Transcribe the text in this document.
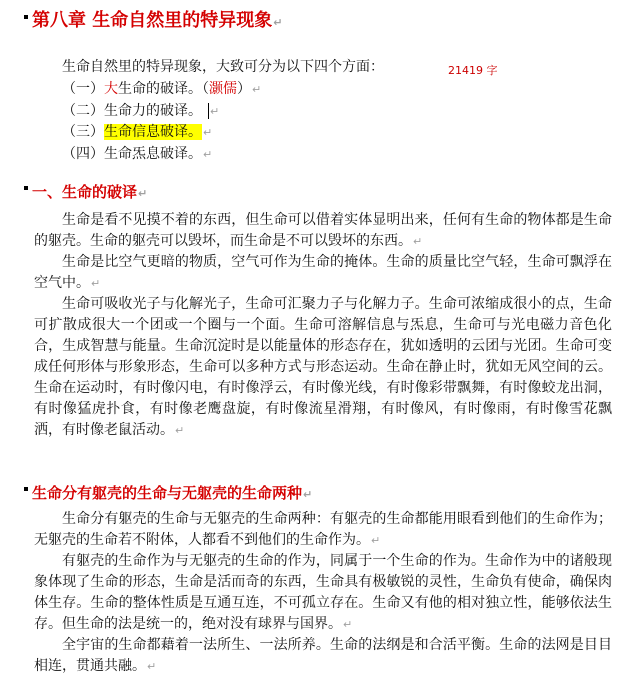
第八章 生命自然里的特异现象↵
生命自然里的特异现象，大致可分为以下四个方面：	21419 字
（一）大生命的破译。（灏儒）↵
（二）生命力的破译。 ↵
（三）生命信息破译。↵
（四）生命炁息破译。↵
一、生命的破译↵

生命是看不见摸不着的东西，但生命可以借着实体显明出来，任何有生命的物体都是生命的躯壳。生命的躯壳可以毁坏，而生命是不可以毁坏的东西。↵

生命是比空气更暗的物质，空气可作为生命的掩体。生命的质量比空气轻，生命可飘浮在空气中。↵

生命可吸收光子与化解光子，生命可汇聚力子与化解力子。生命可浓缩成很小的点，生命可扩散成很大一个团或一个圈与一个面。生命可溶解信息与炁息，生命可与光电磁力音色化合，生成智慧与能量。生命沉淀时是以能量体的形态存在，犹如透明的云团与光团。生命可变成任何形体与形象形态，生命可以多种方式与形态运动。生命在静止时，犹如无风空间的云。生命在运动时，有时像闪电，有时像浮云，有时像光线，有时像彩带飘舞，有时像蛟龙出洞，有时像猛虎扑食，有时像老鹰盘旋，有时像流星滑翔，有时像风，有时像雨，有时像雪花飘洒，有时像老鼠活动。↵

生命分有躯壳的生命与无躯壳的生命两种↵

生命分有躯壳的生命与无躯壳的生命两种：有躯壳的生命都能用眼看到他们的生命作为；无躯壳的生命若不附体，人都看不到他们的生命作为。↵

有躯壳的生命作为与无躯壳的生命的作为，同属于一个生命的作为。生命作为中的诸般现象体现了生命的形态，生命是活而奇的东西，生命具有极敏锐的灵性，生命负有使命，确保肉体生存。生命的整体性质是互通互连，不可孤立存在。生命又有他的相对独立性，能够依法生存。但生命的法是统一的，绝对没有球界与国界。↵

全宇宙的生命都藉着一法所生、一法所养。生命的法纲是和合活平衡。生命的法网是目目相连，贯通共融。↵
